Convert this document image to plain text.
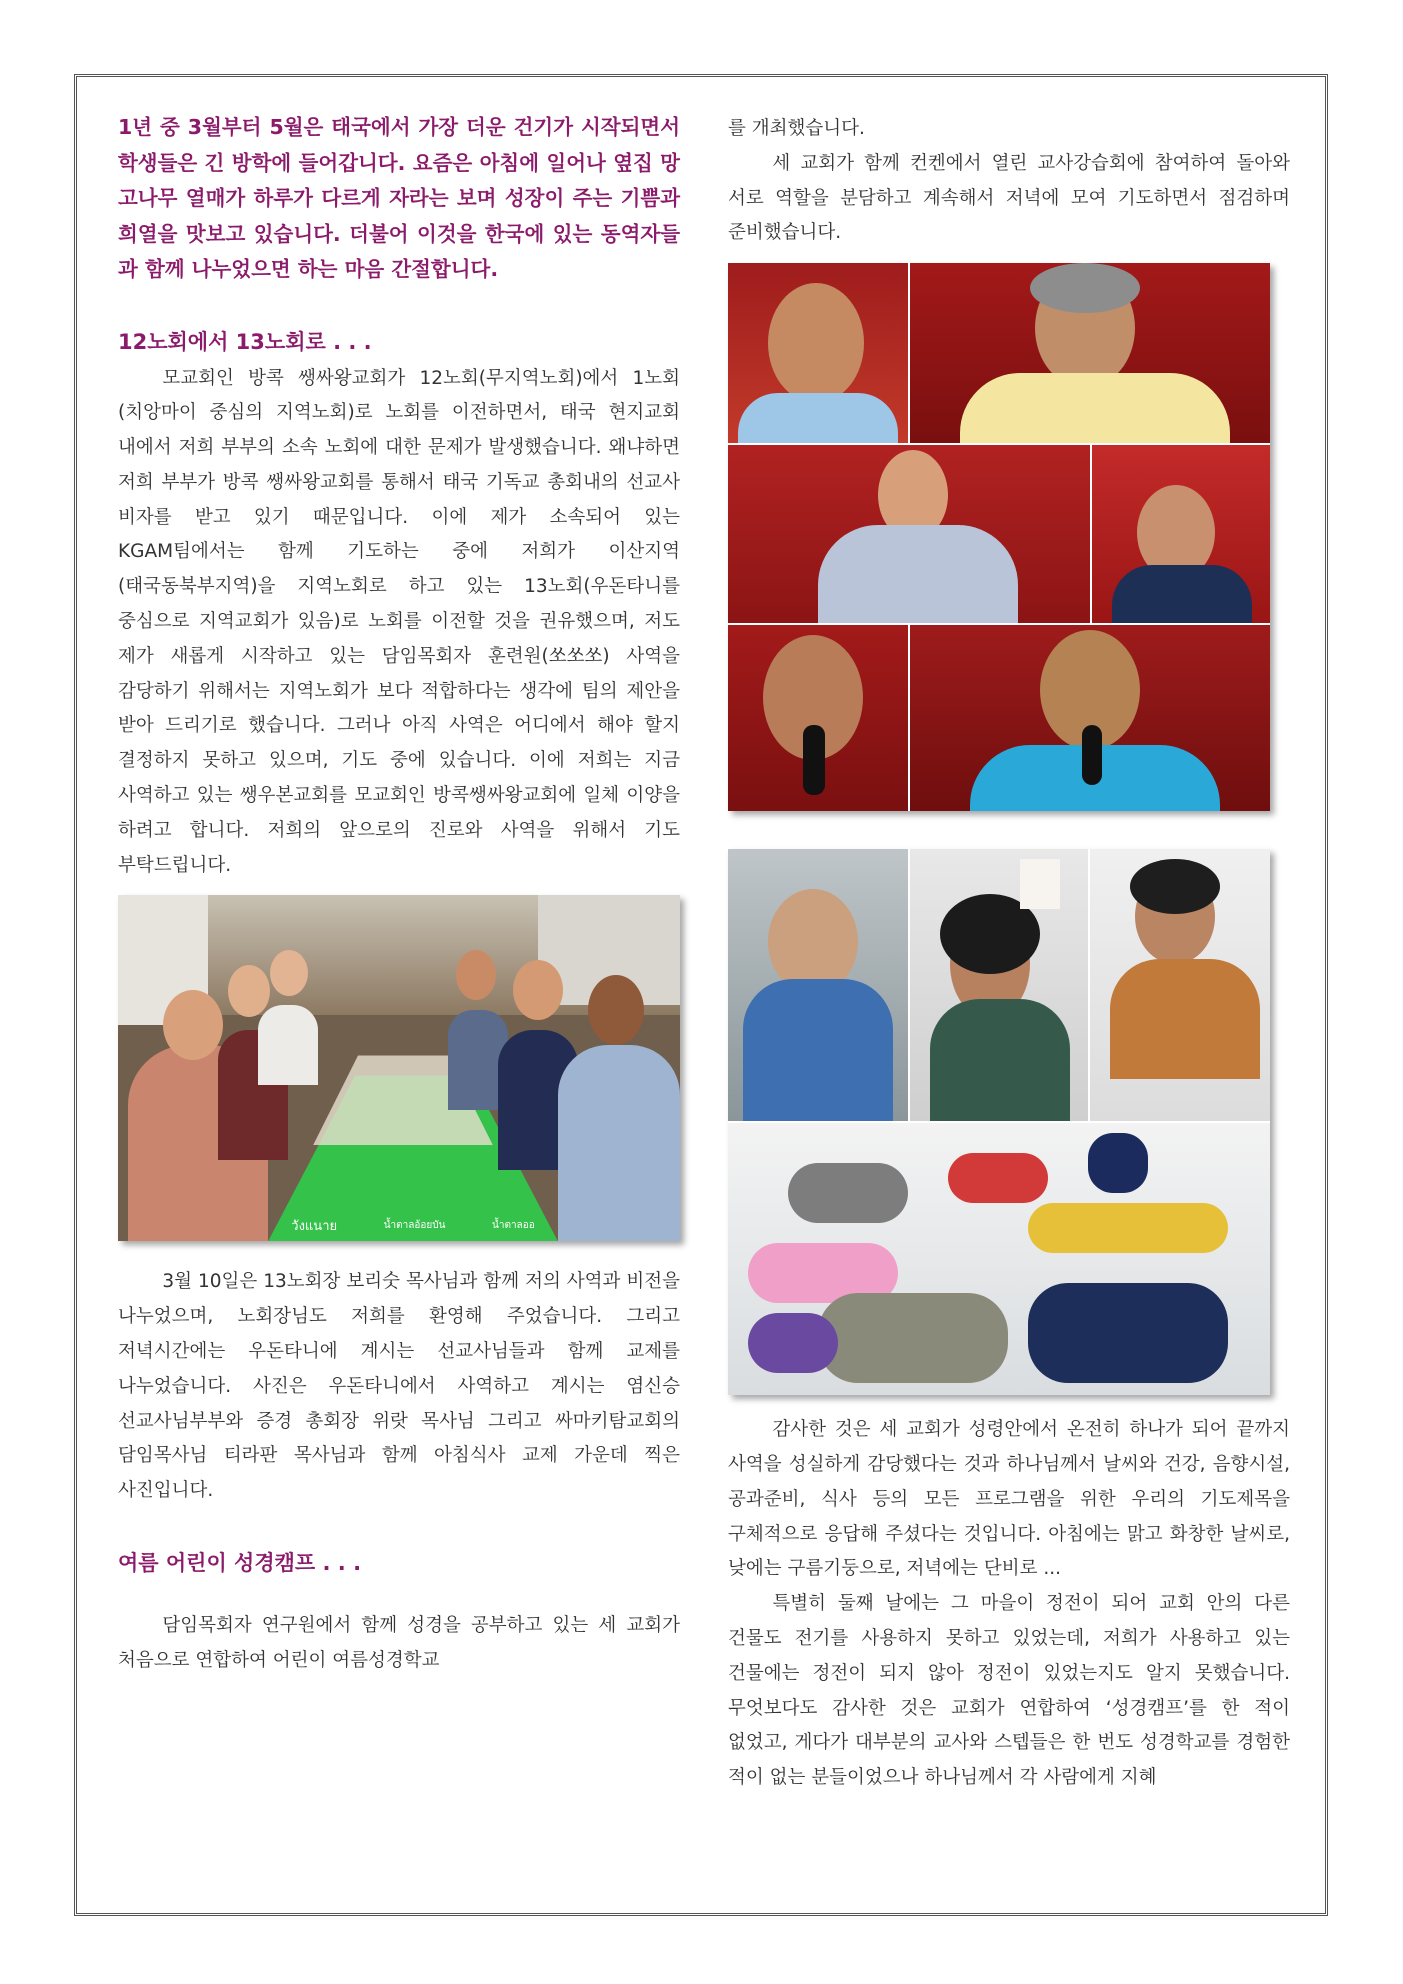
1년 중 3월부터 5월은 태국에서 가장 더운 건기가 시작되면서 학생들은 긴 방학에 들어갑니다. 요즘은 아침에 일어나 옆집 망고나무 열매가 하루가 다르게 자라는 보며 성장이 주는 기쁨과 희열을 맛보고 있습니다. 더불어 이것을 한국에 있는 동역자들과 함께 나누었으면 하는 마음 간절합니다.

12노회에서 13노회로 . . .

모교회인 방콕 쌩싸왕교회가 12노회(무지역노회)에서 1노회(치앙마이 중심의 지역노회)로 노회를 이전하면서, 태국 현지교회 내에서 저희 부부의 소속 노회에 대한 문제가 발생했습니다. 왜냐하면 저희 부부가 방콕 쌩싸왕교회를 통해서 태국 기독교 총회내의 선교사 비자를 받고 있기 때문입니다. 이에 제가 소속되어 있는 KGAM팀에서는 함께 기도하는 중에 저희가 이산지역(태국동북부지역)을 지역노회로 하고 있는 13노회(우돈타니를 중심으로 지역교회가 있음)로 노회를 이전할 것을 권유했으며, 저도 제가 새롭게 시작하고 있는 담임목회자 훈련원(쏘쏘쏘) 사역을 감당하기 위해서는 지역노회가 보다 적합하다는 생각에 팀의 제안을 받아 드리기로 했습니다. 그러나 아직 사역은 어디에서 해야 할지 결정하지 못하고 있으며, 기도 중에 있습니다. 이에 저희는 지금 사역하고 있는 쌩우본교회를 모교회인 방콕쌩싸왕교회에 일체 이양을 하려고 합니다. 저희의 앞으로의 진로와 사역을 위해서 기도 부탁드립니다.

วังแนาย	น้ำตาลอ้อยบัน	น้ำตาลออ

3월 10일은 13노회장 보리숫 목사님과 함께 저의 사역과 비전을 나누었으며, 노회장님도 저희를 환영해 주었습니다. 그리고 저녁시간에는 우돈타니에 계시는 선교사님들과 함께 교제를 나누었습니다. 사진은 우돈타니에서 사역하고 계시는 염신승 선교사님부부와 증경 총회장 위랏 목사님 그리고 싸마키탐교회의 담임목사님 티라판 목사님과 함께 아침식사 교제 가운데 찍은 사진입니다.

여름 어린이 성경캠프 . . .

담임목회자 연구원에서 함께 성경을 공부하고 있는 세 교회가 처음으로 연합하여 어린이 여름성경학교

를 개최했습니다.

세 교회가 함께 컨켄에서 열린 교사강습회에 참여하여 돌아와 서로 역할을 분담하고 계속해서 저녁에 모여 기도하면서 점검하며 준비했습니다.

감사한 것은 세 교회가 성령안에서 온전히 하나가 되어 끝까지 사역을 성실하게 감당했다는 것과 하나님께서 날씨와 건강, 음향시설, 공과준비, 식사 등의 모든 프로그램을 위한 우리의 기도제목을 구체적으로 응답해 주셨다는 것입니다. 아침에는 맑고 화창한 날씨로, 낮에는 구름기둥으로, 저녁에는 단비로 ...

특별히 둘째 날에는 그 마을이 정전이 되어 교회 안의 다른 건물도 전기를 사용하지 못하고 있었는데, 저희가 사용하고 있는 건물에는 정전이 되지 않아 정전이 있었는지도 알지 못했습니다. 무엇보다도 감사한 것은 교회가 연합하여 ‘성경캠프’를 한 적이 없었고, 게다가 대부분의 교사와 스텝들은 한 번도 성경학교를 경험한 적이 없는 분들이었으나 하나님께서 각 사람에게 지혜
